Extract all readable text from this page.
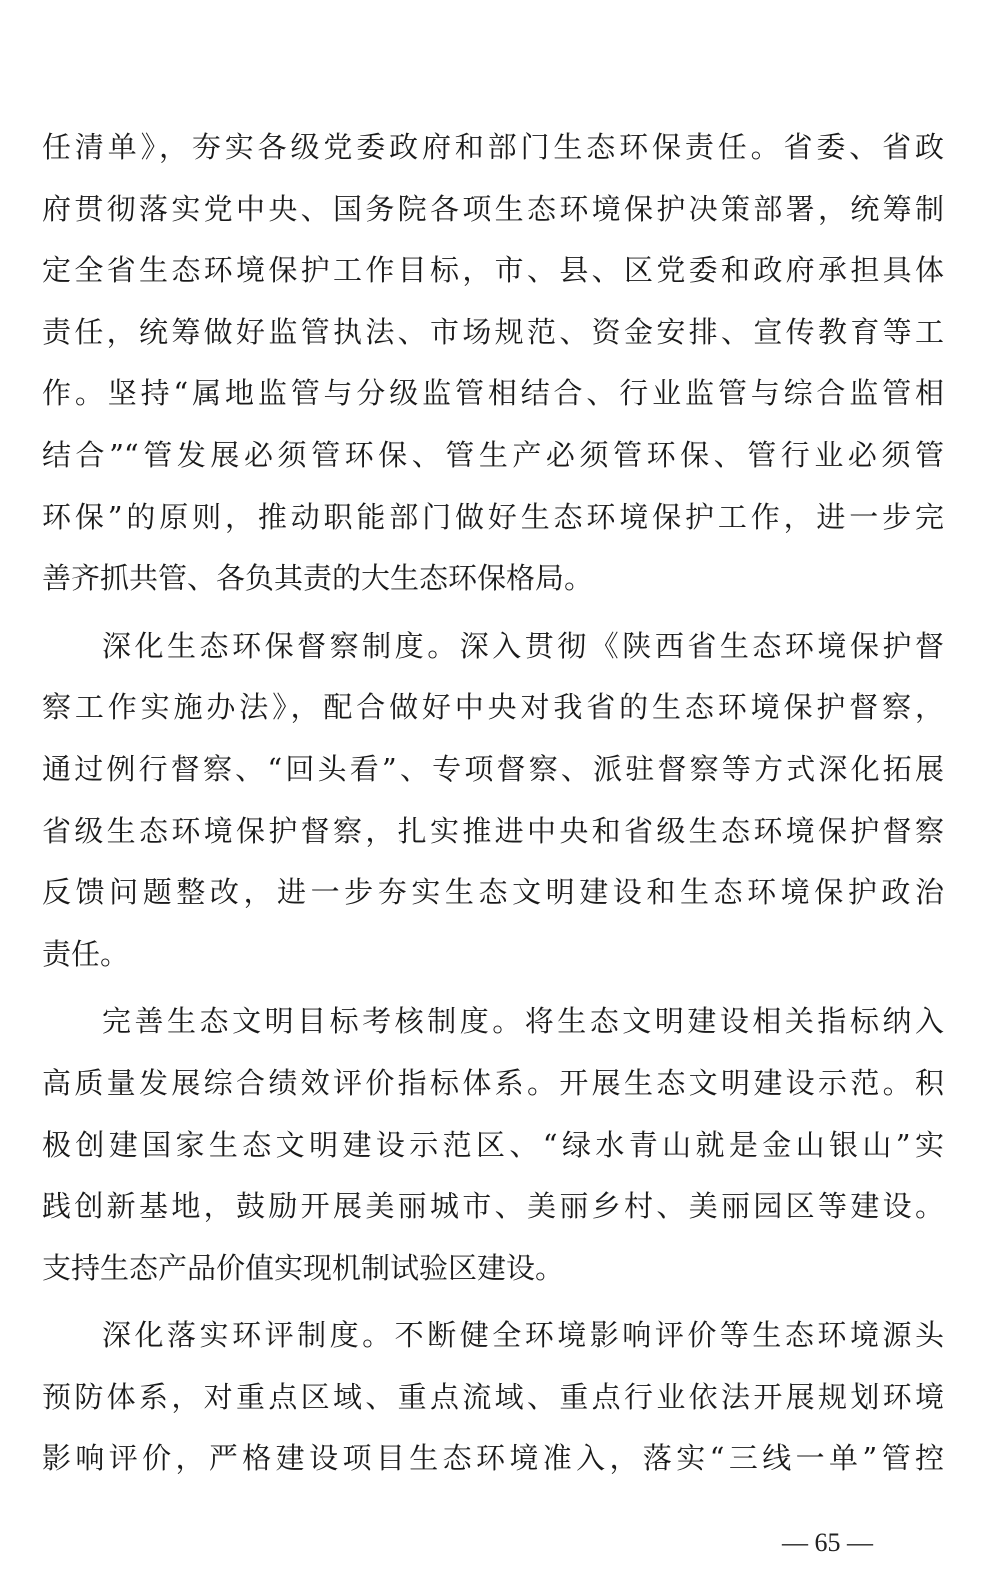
任清单》，夯实各级党委政府和部门生态环保责任。省委、省政
府贯彻落实党中央、国务院各项生态环境保护决策部署，统筹制
定全省生态环境保护工作目标，市、县、区党委和政府承担具体
责任，统筹做好监管执法、市场规范、资金安排、宣传教育等工
作。坚持“属地监管与分级监管相结合、行业监管与综合监管相
结合”“管发展必须管环保、管生产必须管环保、管行业必须管
环保”的原则，推动职能部门做好生态环境保护工作，进一步完
善齐抓共管、各负其责的大生态环保格局。
深化生态环保督察制度。深入贯彻《陕西省生态环境保护督
察工作实施办法》，配合做好中央对我省的生态环境保护督察，
通过例行督察、“回头看”、专项督察、派驻督察等方式深化拓展
省级生态环境保护督察，扎实推进中央和省级生态环境保护督察
反馈问题整改，进一步夯实生态文明建设和生态环境保护政治
责任。
完善生态文明目标考核制度。将生态文明建设相关指标纳入
高质量发展综合绩效评价指标体系。开展生态文明建设示范。积
极创建国家生态文明建设示范区、“绿水青山就是金山银山”实
践创新基地，鼓励开展美丽城市、美丽乡村、美丽园区等建设。
支持生态产品价值实现机制试验区建设。
深化落实环评制度。不断健全环境影响评价等生态环境源头
预防体系，对重点区域、重点流域、重点行业依法开展规划环境
影响评价，严格建设项目生态环境准入，落实“三线一单”管控
— 65 —
